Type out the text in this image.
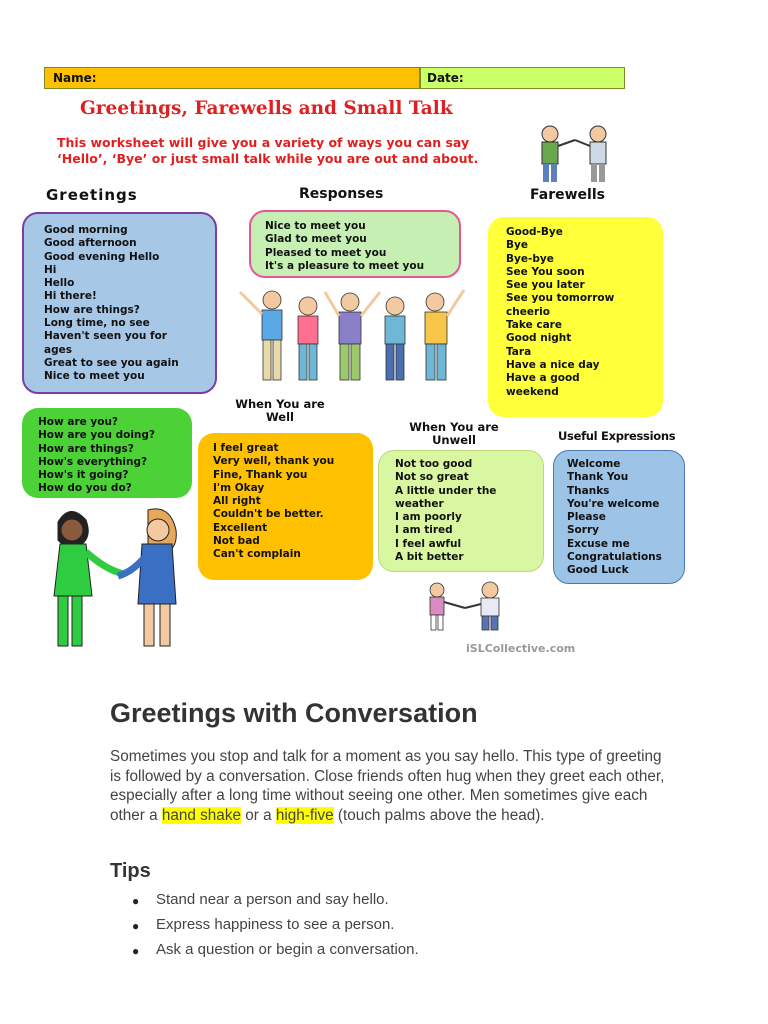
Name:	Date:
Greetings, Farewells and Small Talk
This worksheet will give you a variety of ways you can say ‘Hello’, ‘Bye’ or just small talk while you are out and about.
Greetings	Responses	Farewells
Good morning
Good afternoon
Good evening Hello
Hi
Hello
Hi there!
How are things?
Long time, no see
Haven't seen you for ages
Great to see you again
Nice to meet you
Nice to meet you
Glad to meet you
Pleased to meet you
It's a pleasure to meet you
Good-Bye
Bye
Bye-bye
See You soon
See you later
See you tomorrow
cheerio
Take care
Good night
Tara
Have a nice day
Have a good weekend
How are you?
How are you doing?
How are things?
How's everything?
How's it going?
How do you do?
When You are Well
When You are Unwell	Useful Expressions
I feel great
Very well, thank you
Fine, Thank you
I'm Okay
All right
Couldn't be better.
Excellent
Not bad
Can't complain
Not too good
Not so great
A little under the weather
I am poorly
I am tired
I feel awful
A bit better
Welcome
Thank You
Thanks
You're welcome
Please
Sorry
Excuse me
Congratulations
Good Luck
iSLCollective.com
Greetings with Conversation
Sometimes you stop and talk for a moment as you say hello. This type of greeting is followed by a conversation. Close friends often hug when they greet each other, especially after a long time without seeing one other. Men sometimes give each other a hand shake or a high-five (touch palms above the head).
Tips
● Stand near a person and say hello.
● Express happiness to see a person.
● Ask a question or begin a conversation.
